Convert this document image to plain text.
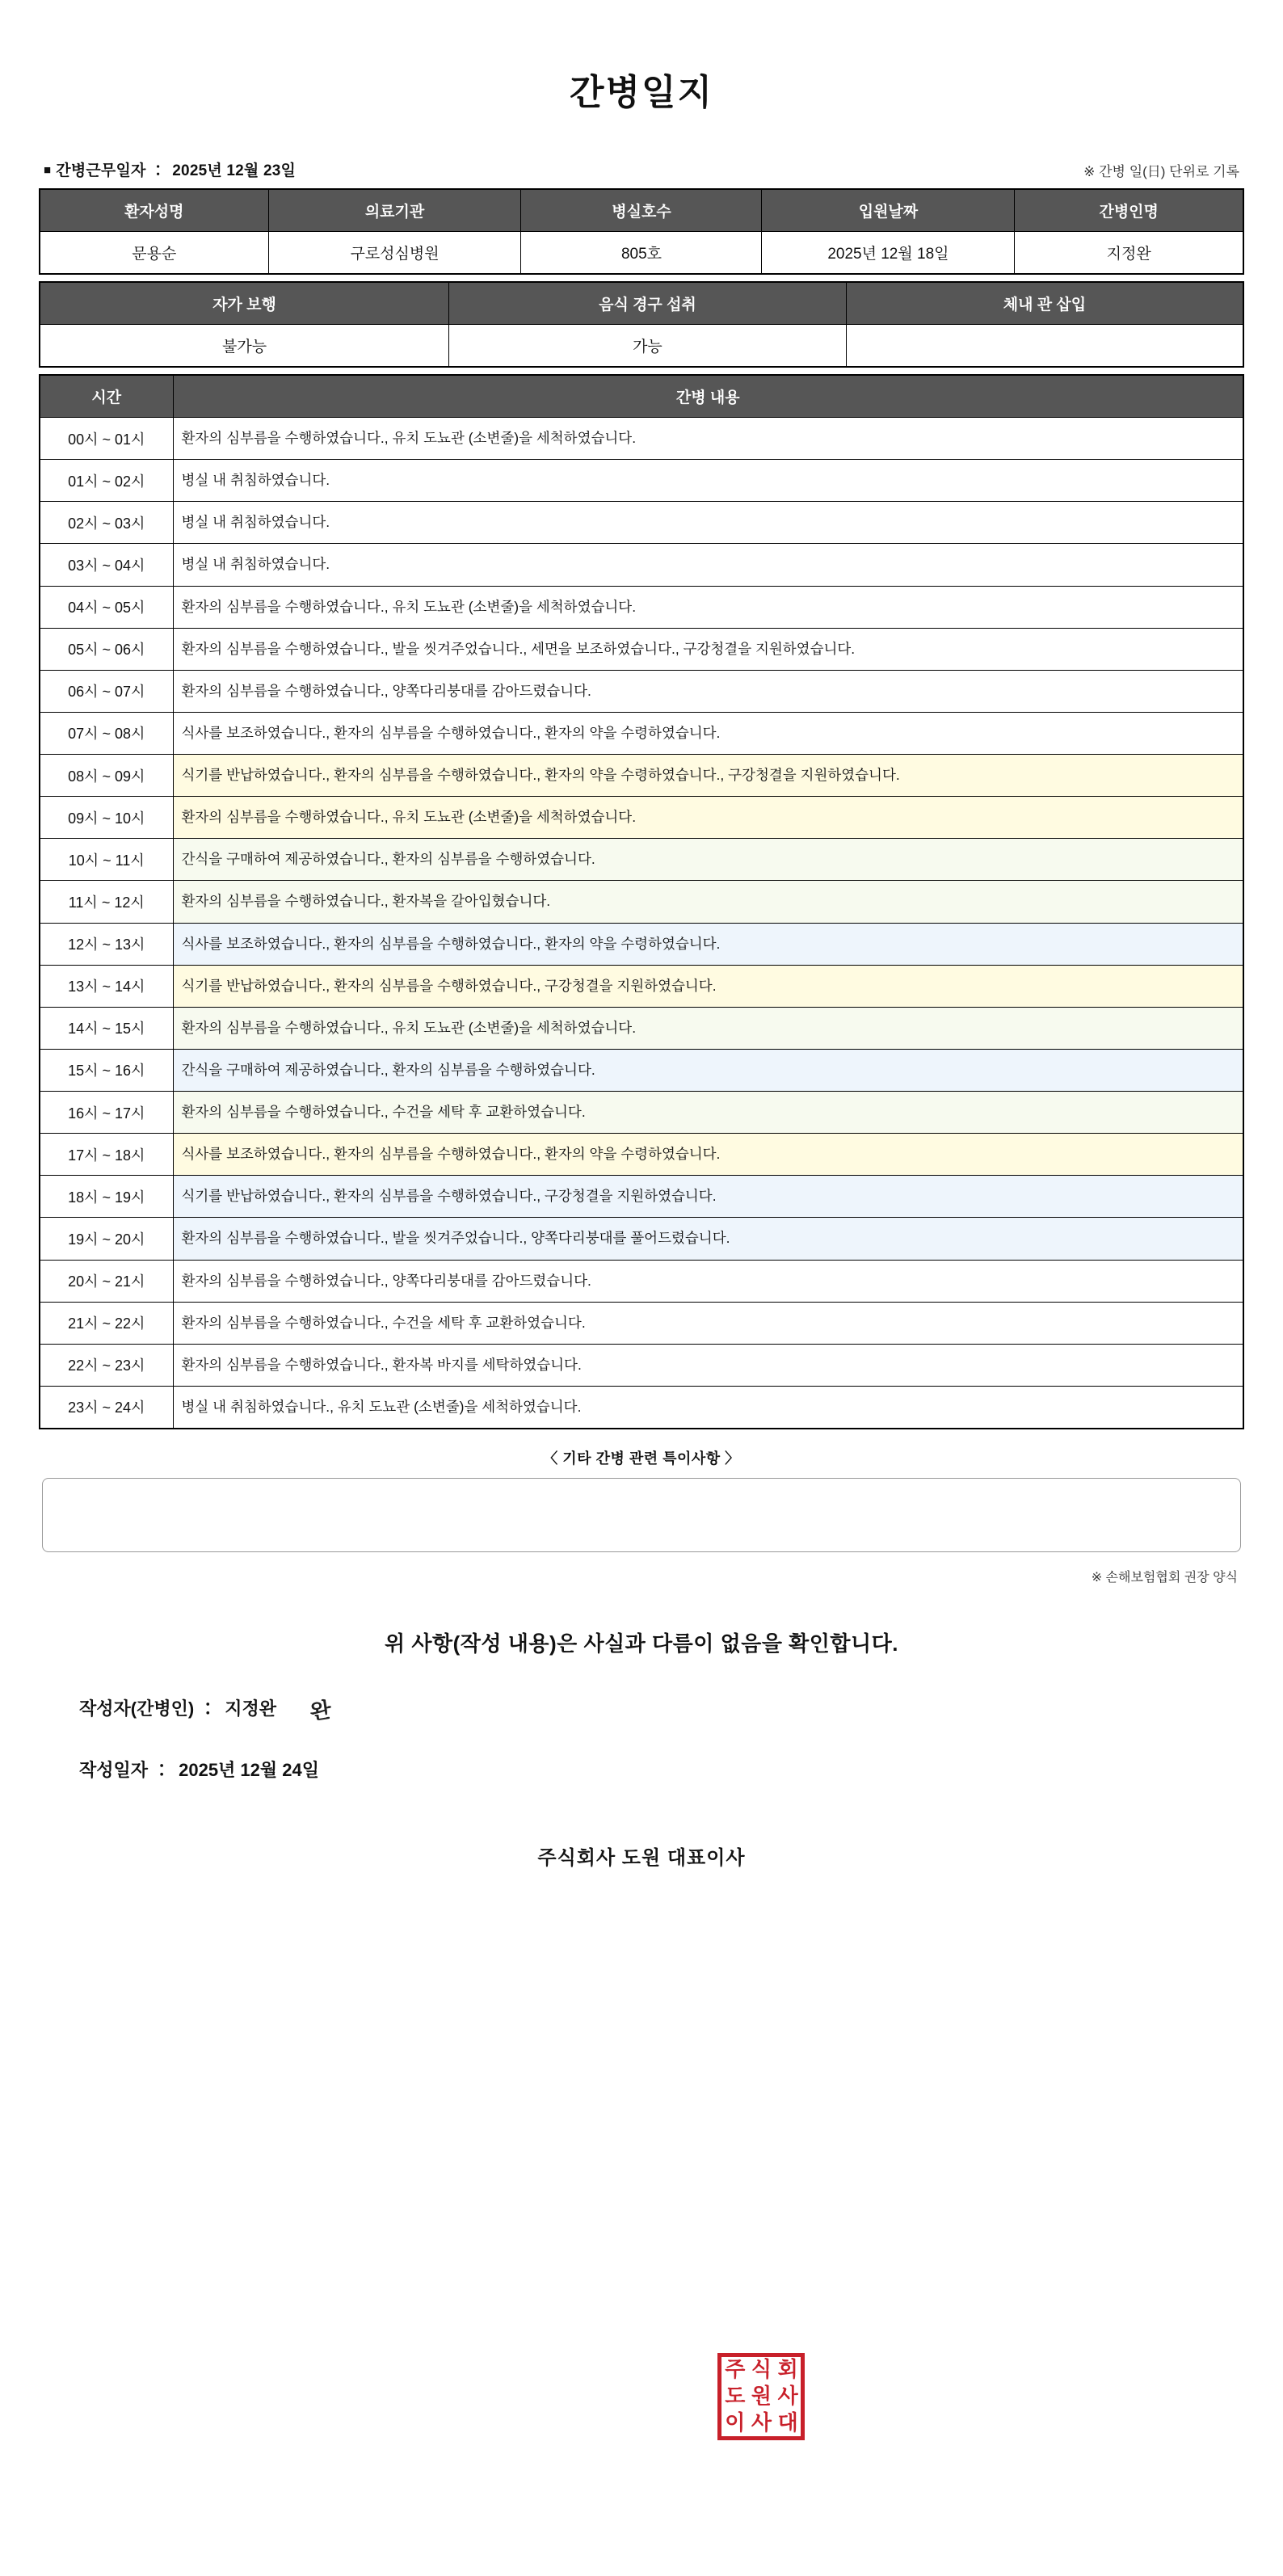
간병일지
■ 간병근무일자 ： 2025년 12월 23일	※ 간병 일(日) 단위로 기록
환자성명	의료기관	병실호수	입원날짜	간병인명
문용순	구로성심병원	805호	2025년 12월 18일	지정완
자가 보행	음식 경구 섭취	체내 관 삽입
불가능	가능	
시간	간병 내용
00시 ~ 01시	환자의 심부름을 수행하였습니다., 유치 도뇨관 (소변줄)을 세척하였습니다.
01시 ~ 02시	병실 내 취침하였습니다.
02시 ~ 03시	병실 내 취침하였습니다.
03시 ~ 04시	병실 내 취침하였습니다.
04시 ~ 05시	환자의 심부름을 수행하였습니다., 유치 도뇨관 (소변줄)을 세척하였습니다.
05시 ~ 06시	환자의 심부름을 수행하였습니다., 발을 씻겨주었습니다., 세면을 보조하였습니다., 구강청결을 지원하였습니다.
06시 ~ 07시	환자의 심부름을 수행하였습니다., 양쪽다리붕대를 감아드렸습니다.
07시 ~ 08시	식사를 보조하였습니다., 환자의 심부름을 수행하였습니다., 환자의 약을 수령하였습니다.
08시 ~ 09시	식기를 반납하였습니다., 환자의 심부름을 수행하였습니다., 환자의 약을 수령하였습니다., 구강청결을 지원하였습니다.
09시 ~ 10시	환자의 심부름을 수행하였습니다., 유치 도뇨관 (소변줄)을 세척하였습니다.
10시 ~ 11시	간식을 구매하여 제공하였습니다., 환자의 심부름을 수행하였습니다.
11시 ~ 12시	환자의 심부름을 수행하였습니다., 환자복을 갈아입혔습니다.
12시 ~ 13시	식사를 보조하였습니다., 환자의 심부름을 수행하였습니다., 환자의 약을 수령하였습니다.
13시 ~ 14시	식기를 반납하였습니다., 환자의 심부름을 수행하였습니다., 구강청결을 지원하였습니다.
14시 ~ 15시	환자의 심부름을 수행하였습니다., 유치 도뇨관 (소변줄)을 세척하였습니다.
15시 ~ 16시	간식을 구매하여 제공하였습니다., 환자의 심부름을 수행하였습니다.
16시 ~ 17시	환자의 심부름을 수행하였습니다., 수건을 세탁 후 교환하였습니다.
17시 ~ 18시	식사를 보조하였습니다., 환자의 심부름을 수행하였습니다., 환자의 약을 수령하였습니다.
18시 ~ 19시	식기를 반납하였습니다., 환자의 심부름을 수행하였습니다., 구강청결을 지원하였습니다.
19시 ~ 20시	환자의 심부름을 수행하였습니다., 발을 씻겨주었습니다., 양쪽다리붕대를 풀어드렸습니다.
20시 ~ 21시	환자의 심부름을 수행하였습니다., 양쪽다리붕대를 감아드렸습니다.
21시 ~ 22시	환자의 심부름을 수행하였습니다., 수건을 세탁 후 교환하였습니다.
22시 ~ 23시	환자의 심부름을 수행하였습니다., 환자복 바지를 세탁하였습니다.
23시 ~ 24시	병실 내 취침하였습니다., 유치 도뇨관 (소변줄)을 세척하였습니다.
〈 기타 간병 관련 특이사항 〉
※ 손해보험협회 권장 양식
위 사항(작성 내용)은 사실과 다름이 없음을 확인합니다.
작성자(간병인) ： 지정완 완
작성일자 ： 2025년 12월 24일
주식회사 도원 대표이사
주 식 회
도 원 사
이 사 대
